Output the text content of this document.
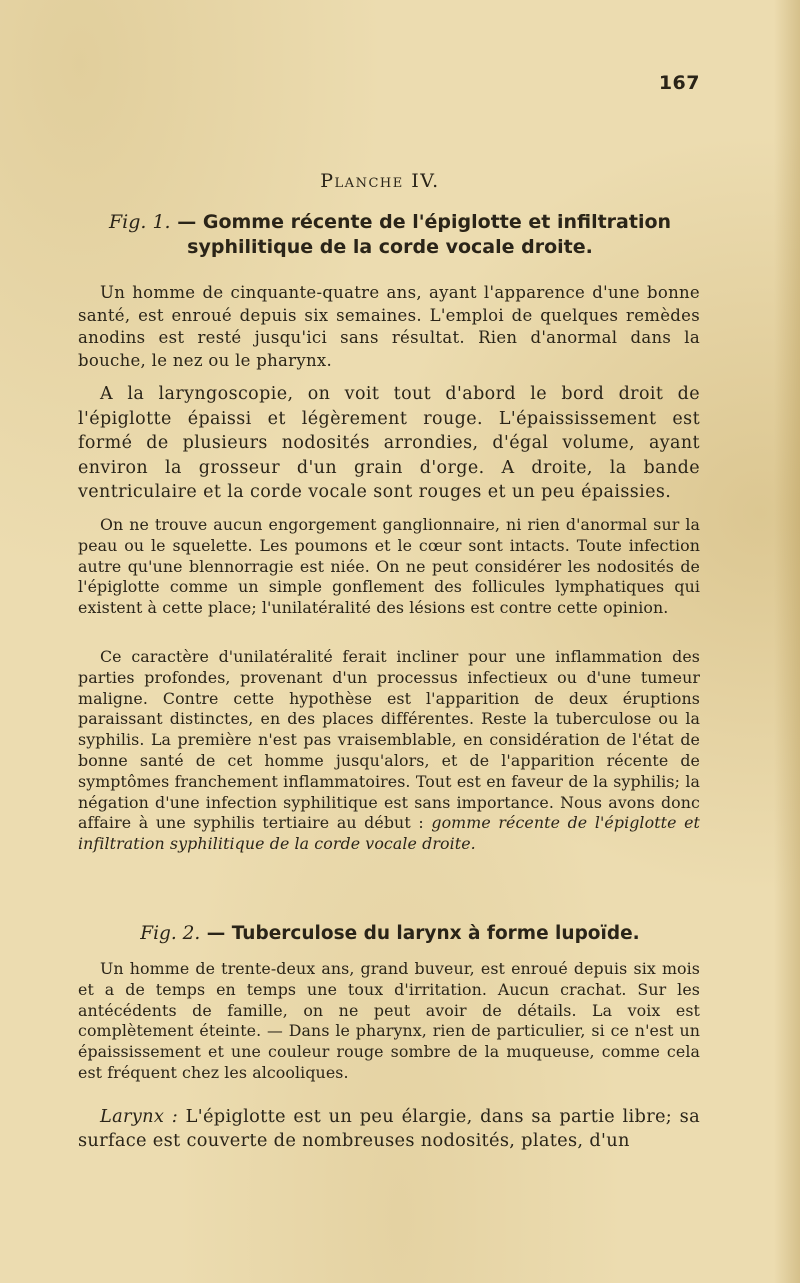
167
Planche IV.
Fig. 1. — Gomme récente de l'épiglotte et infiltration
syphilitique de la corde vocale droite.

Un homme de cinquante-quatre ans, ayant l'apparence d'une bonne santé, est enroué depuis six semaines. L'emploi de quelques remèdes anodins est resté jusqu'ici sans résultat. Rien d'anormal dans la bouche, le nez ou le pharynx.

A la laryngoscopie, on voit tout d'abord le bord droit de l'épiglotte épaissi et légèrement rouge. L'épaississement est formé de plusieurs nodosités arrondies, d'égal volume, ayant environ la grosseur d'un grain d'orge. A droite, la bande ventriculaire et la corde vocale sont rouges et un peu épaissies.

On ne trouve aucun engorgement ganglionnaire, ni rien d'anormal sur la peau ou le squelette. Les poumons et le cœur sont intacts. Toute infection autre qu'une blennorragie est niée. On ne peut considérer les nodosités de l'épiglotte comme un simple gonflement des follicules lymphatiques qui existent à cette place; l'unilatéralité des lésions est contre cette opinion.

Ce caractère d'unilatéralité ferait incliner pour une inflammation des parties profondes, provenant d'un processus infectieux ou d'une tumeur maligne. Contre cette hypothèse est l'apparition de deux éruptions paraissant distinctes, en des places différentes. Reste la tuberculose ou la syphilis. La première n'est pas vraisemblable, en considération de l'état de bonne santé de cet homme jusqu'alors, et de l'apparition récente de symptômes franchement inflammatoires. Tout est en faveur de la syphilis; la négation d'une infection syphilitique est sans importance. Nous avons donc affaire à une syphilis tertiaire au début : gomme récente de l'épiglotte et infiltration syphilitique de la corde vocale droite.

Fig. 2. — Tuberculose du larynx à forme lupoïde.

Un homme de trente-deux ans, grand buveur, est enroué depuis six mois et a de temps en temps une toux d'irritation. Aucun crachat. Sur les antécédents de famille, on ne peut avoir de détails. La voix est complètement éteinte. — Dans le pharynx, rien de particulier, si ce n'est un épaississement et une couleur rouge sombre de la muqueuse, comme cela est fréquent chez les alcooliques.

Larynx : L'épiglotte est un peu élargie, dans sa partie libre; sa surface est couverte de nombreuses nodosités, plates, d'un
